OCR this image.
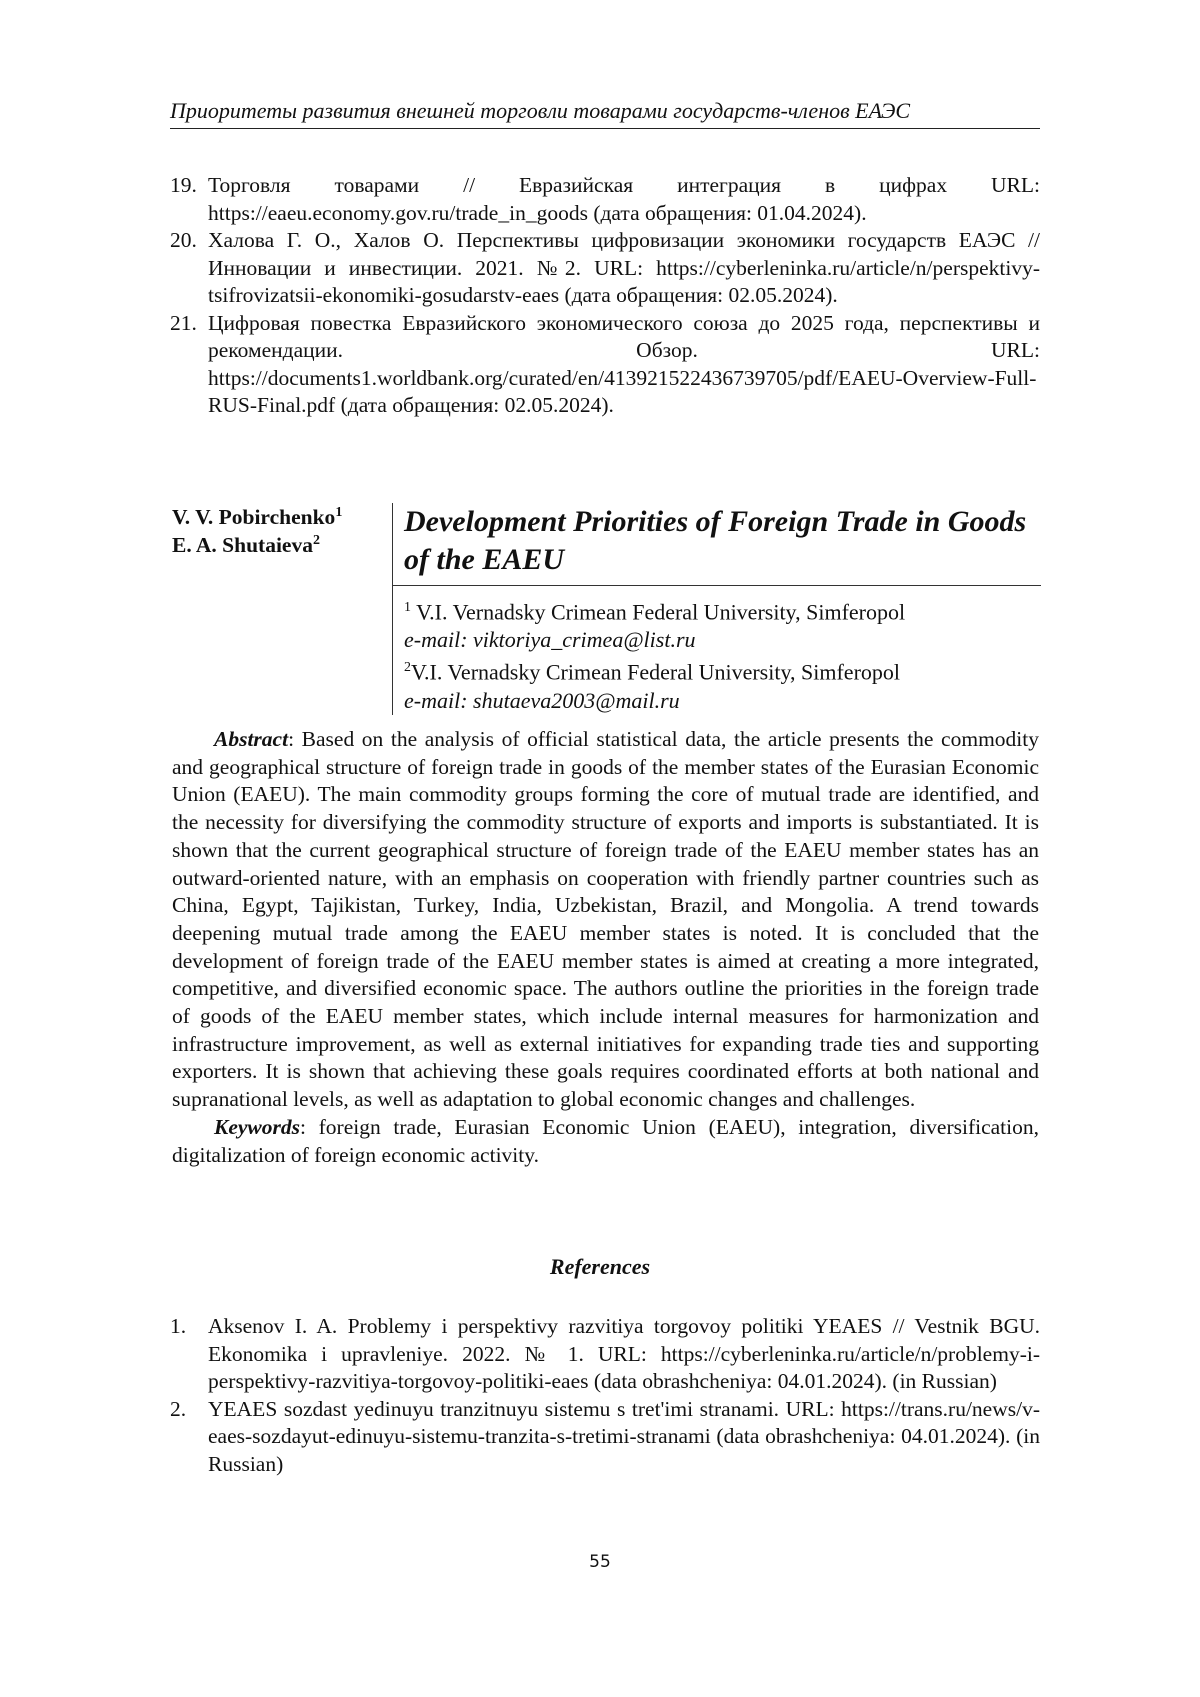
Приоритеты развития внешней торговли товарами государств-членов ЕАЭС
19. Торговля товарами // Евразийская интеграция в цифрах URL: https://eaeu.economy.gov.ru/trade_in_goods (дата обращения: 01.04.2024).
20. Халова Г. О., Халов О. Перспективы цифровизации экономики государств ЕАЭС // Инновации и инвестиции. 2021. №2. URL: https://cyberleninka.ru/article/n/perspektivy-tsifrovizatsii-ekonomiki-gosudarstv-eaes (дата обращения: 02.05.2024).
21. Цифровая повестка Евразийского экономического союза до 2025 года, перспективы и рекомендации. Обзор. URL: https://documents1.worldbank.org/curated/en/413921522436739705/pdf/EAEU-Overview-Full-RUS-Final.pdf (дата обращения: 02.05.2024).
V. V. Pobirchenko$^1$
E. A. Shutaieva$^2$
Development Priorities of Foreign Trade in Goods of the EAEU
$^1$ V.I. Vernadsky Crimean Federal University, Simferopol
e-mail: viktoriya_crimea@list.ru
$^2$V.I. Vernadsky Crimean Federal University, Simferopol
e-mail: shutaeva2003@mail.ru

Abstract: Based on the analysis of official statistical data, the article presents the commodity and geographical structure of foreign trade in goods of the member states of the Eurasian Economic Union (EAEU). The main commodity groups forming the core of mutual trade are identified, and the necessity for diversifying the commodity structure of exports and imports is substantiated. It is shown that the current geographical structure of foreign trade of the EAEU member states has an outward-oriented nature, with an emphasis on cooperation with friendly partner countries such as China, Egypt, Tajikistan, Turkey, India, Uzbekistan, Brazil, and Mongolia. A trend towards deepening mutual trade among the EAEU member states is noted. It is concluded that the development of foreign trade of the EAEU member states is aimed at creating a more integrated, competitive, and diversified economic space. The authors outline the priorities in the foreign trade of goods of the EAEU member states, which include internal measures for harmonization and infrastructure improvement, as well as external initiatives for expanding trade ties and supporting exporters. It is shown that achieving these goals requires coordinated efforts at both national and supranational levels, as well as adaptation to global economic changes and challenges.

Keywords: foreign trade, Eurasian Economic Union (EAEU), integration, diversification, digitalization of foreign economic activity.

References
1. Aksenov I. A. Problemy i perspektivy razvitiya torgovoy politiki YEAES // Vestnik BGU. Ekonomika i upravleniye. 2022. № 1. URL: https://cyberleninka.ru/article/n/problemy-i-perspektivy-razvitiya-torgovoy-politiki-eaes (data obrashcheniya: 04.01.2024). (in Russian)
2. YEAES sozdast yedinuyu tranzitnuyu sistemu s tret'imi stranami. URL: https://trans.ru/news/v-eaes-sozdayut-edinuyu-sistemu-tranzita-s-tretimi-stranami (data obrashcheniya: 04.01.2024). (in Russian)
55
